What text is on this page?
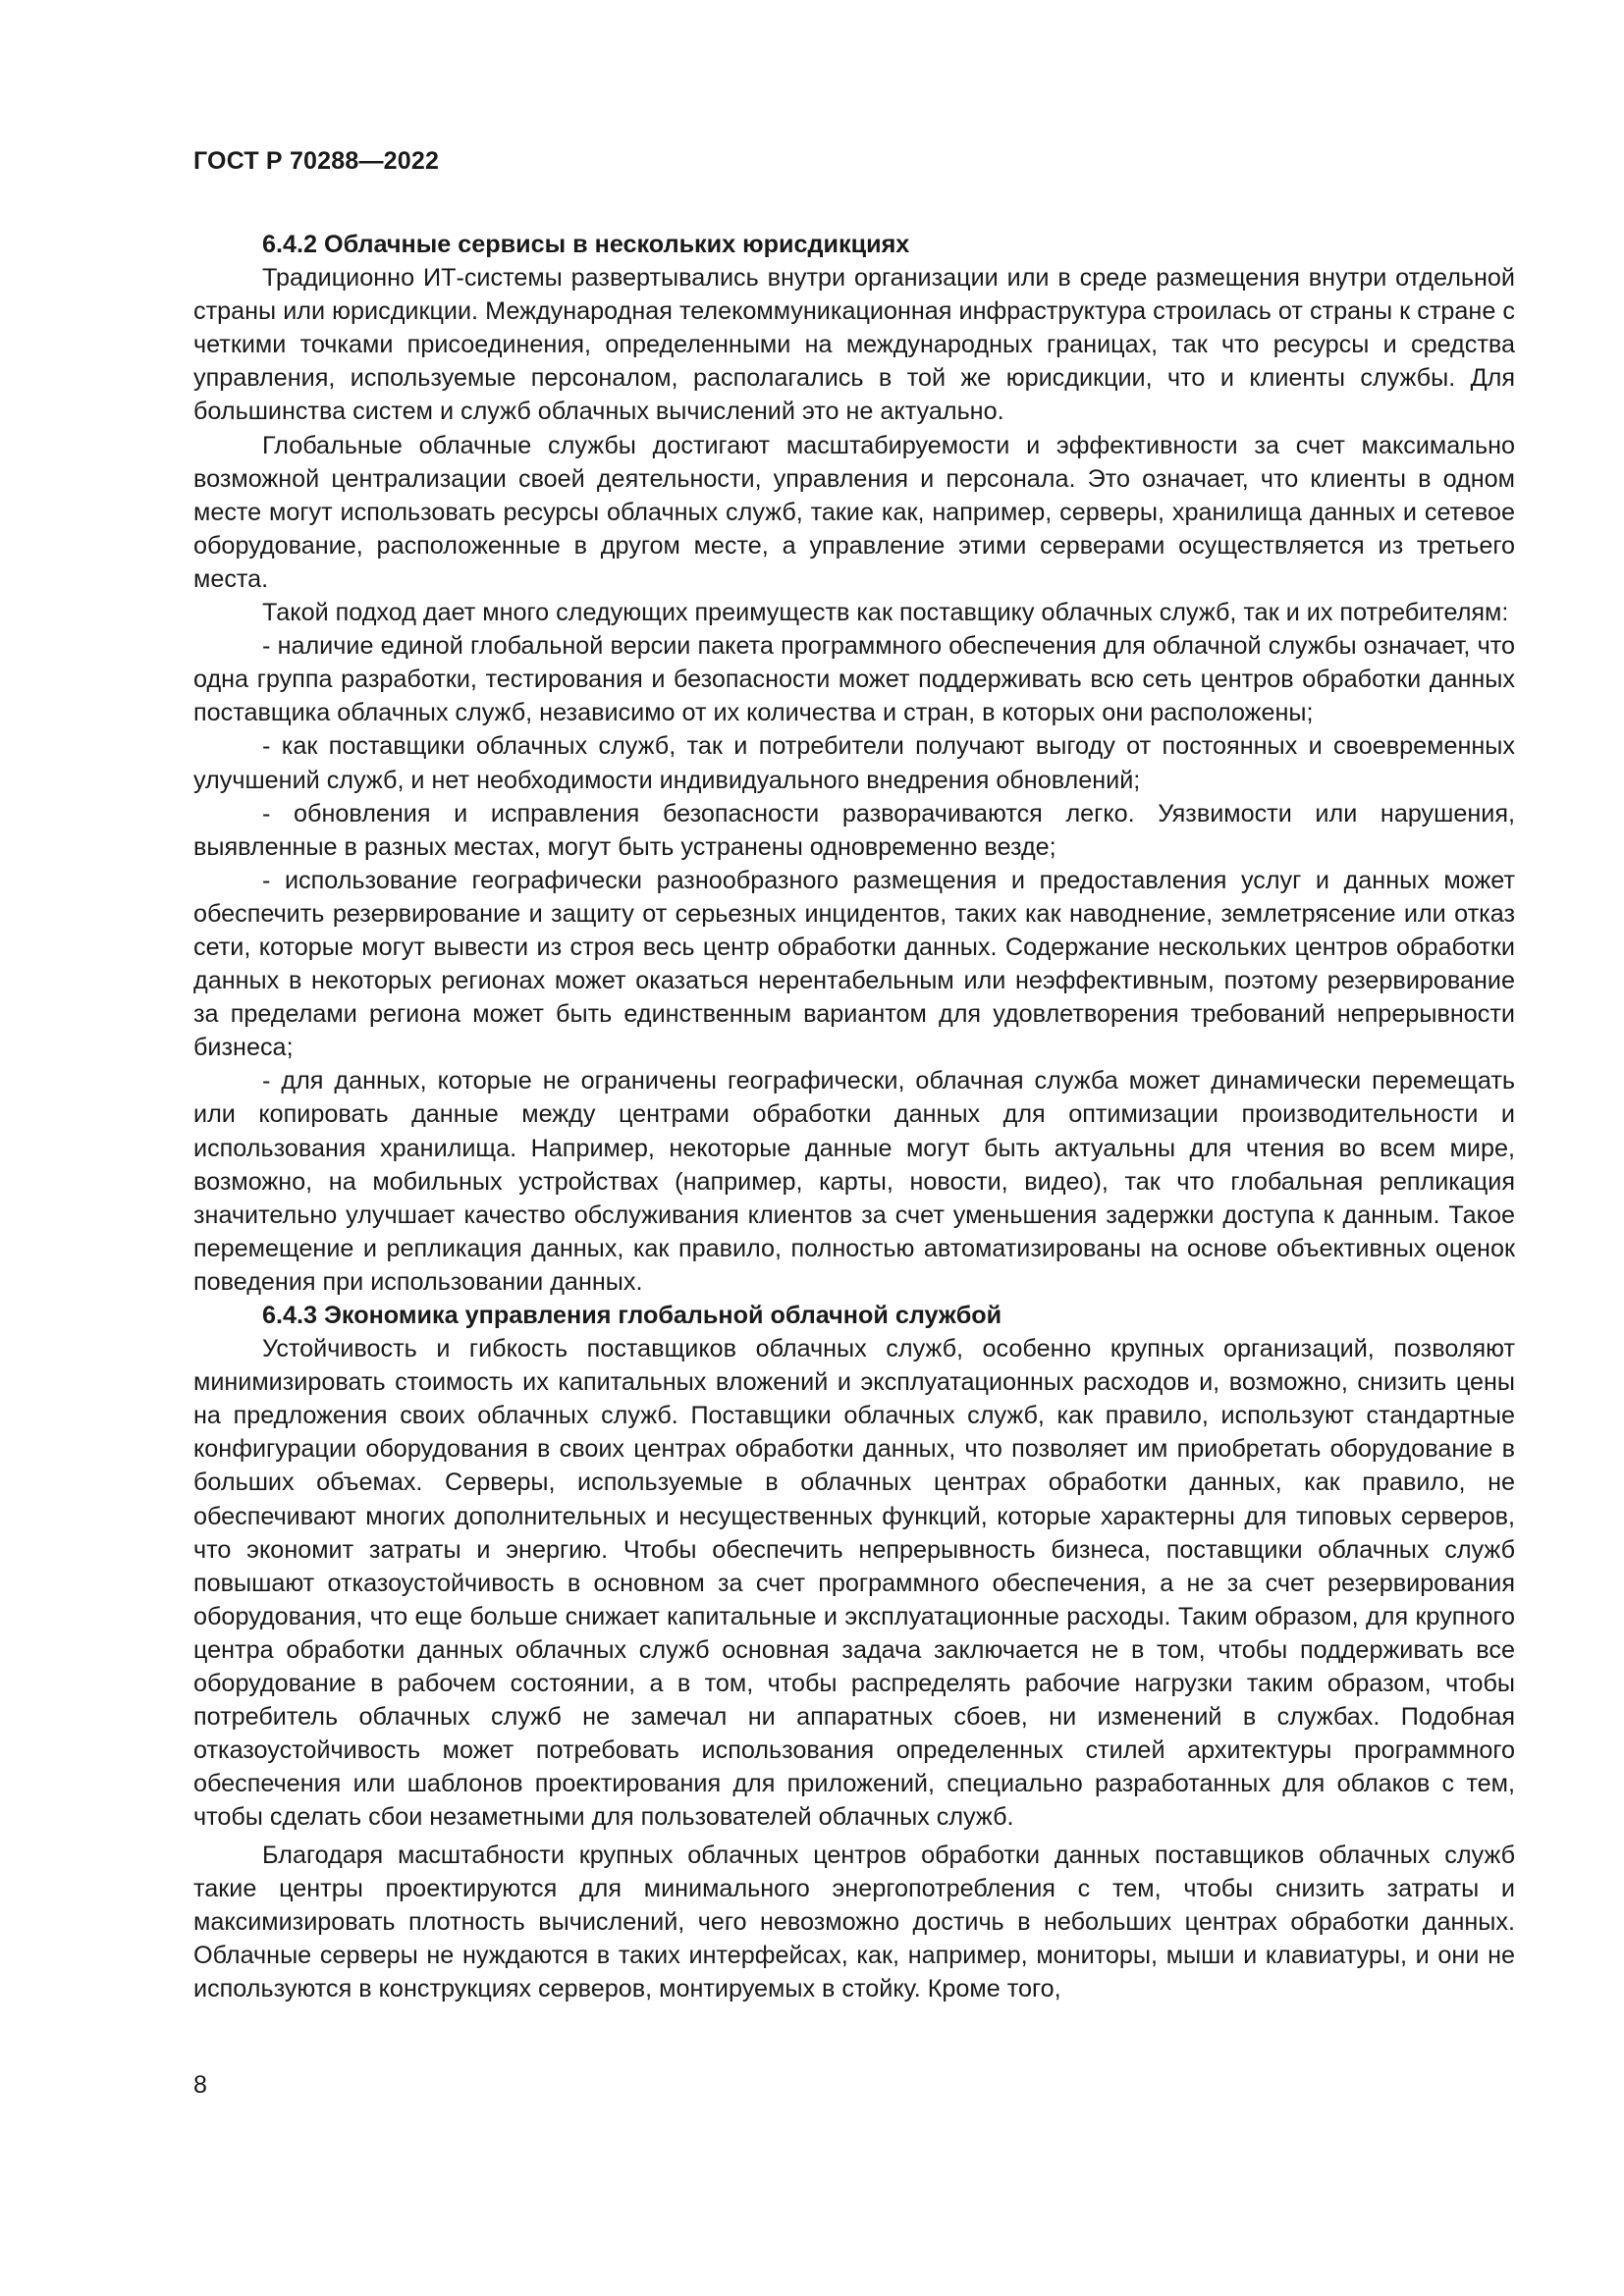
ГОСТ Р 70288—2022
6.4.2 Облачные сервисы в нескольких юрисдикциях

Традиционно ИТ-системы развертывались внутри организации или в среде размещения внутри отдельной страны или юрисдикции. Международная телекоммуникационная инфраструктура строилась от страны к стране с четкими точками присоединения, определенными на международных границах, так что ресурсы и средства управления, используемые персоналом, располагались в той же юрисдикции, что и клиенты службы. Для большинства систем и служб облачных вычислений это не актуально.

Глобальные облачные службы достигают масштабируемости и эффективности за счет максимально возможной централизации своей деятельности, управления и персонала. Это означает, что клиенты в одном месте могут использовать ресурсы облачных служб, такие как, например, серверы, хранилища данных и сетевое оборудование, расположенные в другом месте, а управление этими серверами осуществляется из третьего места.

Такой подход дает много следующих преимуществ как поставщику облачных служб, так и их потребителям:

- наличие единой глобальной версии пакета программного обеспечения для облачной службы означает, что одна группа разработки, тестирования и безопасности может поддерживать всю сеть центров обработки данных поставщика облачных служб, независимо от их количества и стран, в которых они расположены;

- как поставщики облачных служб, так и потребители получают выгоду от постоянных и своевременных улучшений служб, и нет необходимости индивидуального внедрения обновлений;

- обновления и исправления безопасности разворачиваются легко. Уязвимости или нарушения, выявленные в разных местах, могут быть устранены одновременно везде;

- использование географически разнообразного размещения и предоставления услуг и данных может обеспечить резервирование и защиту от серьезных инцидентов, таких как наводнение, землетрясение или отказ сети, которые могут вывести из строя весь центр обработки данных. Содержание нескольких центров обработки данных в некоторых регионах может оказаться нерентабельным или неэффективным, поэтому резервирование за пределами региона может быть единственным вариантом для удовлетворения требований непрерывности бизнеса;

- для данных, которые не ограничены географически, облачная служба может динамически перемещать или копировать данные между центрами обработки данных для оптимизации производительности и использования хранилища. Например, некоторые данные могут быть актуальны для чтения во всем мире, возможно, на мобильных устройствах (например, карты, новости, видео), так что глобальная репликация значительно улучшает качество обслуживания клиентов за счет уменьшения задержки доступа к данным. Такое перемещение и репликация данных, как правило, полностью автоматизированы на основе объективных оценок поведения при использовании данных.

6.4.3 Экономика управления глобальной облачной службой

Устойчивость и гибкость поставщиков облачных служб, особенно крупных организаций, позволяют минимизировать стоимость их капитальных вложений и эксплуатационных расходов и, возможно, снизить цены на предложения своих облачных служб. Поставщики облачных служб, как правило, используют стандартные конфигурации оборудования в своих центрах обработки данных, что позволяет им приобретать оборудование в больших объемах. Серверы, используемые в облачных центрах обработки данных, как правило, не обеспечивают многих дополнительных и несущественных функций, которые характерны для типовых серверов, что экономит затраты и энергию. Чтобы обеспечить непрерывность бизнеса, поставщики облачных служб повышают отказоустойчивость в основном за счет программного обеспечения, а не за счет резервирования оборудования, что еще больше снижает капитальные и эксплуатационные расходы. Таким образом, для крупного центра обработки данных облачных служб основная задача заключается не в том, чтобы поддерживать все оборудование в рабочем состоянии, а в том, чтобы распределять рабочие нагрузки таким образом, чтобы потребитель облачных служб не замечал ни аппаратных сбоев, ни изменений в службах. Подобная отказоустойчивость может потребовать использования определенных стилей архитектуры программного обеспечения или шаблонов проектирования для приложений, специально разработанных для облаков с тем, чтобы сделать сбои незаметными для пользователей облачных служб.

Благодаря масштабности крупных облачных центров обработки данных поставщиков облачных служб такие центры проектируются для минимального энергопотребления с тем, чтобы снизить затраты и максимизировать плотность вычислений, чего невозможно достичь в небольших центрах обработки данных. Облачные серверы не нуждаются в таких интерфейсах, как, например, мониторы, мыши и клавиатуры, и они не используются в конструкциях серверов, монтируемых в стойку. Кроме того,

8
